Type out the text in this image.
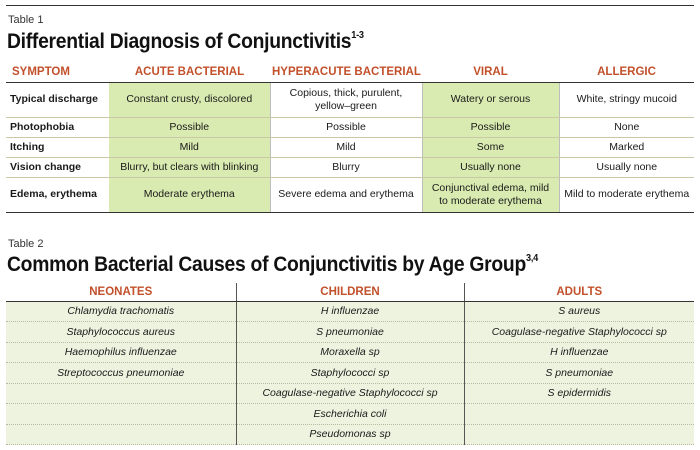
Table 1
Differential Diagnosis of Conjunctivitis$^{1-3}$
SYMPTOM	ACUTE BACTERIAL	HYPERACUTE BACTERIAL	VIRAL	ALLERGIC
Typical discharge	Constant crusty, discolored	Copious, thick, purulent, yellow–green	Watery or serous	White, stringy mucoid
Photophobia	Possible	Possible	Possible	None
Itching	Mild	Mild	Some	Marked
Vision change	Blurry, but clears with blinking	Blurry	Usually none	Usually none
Edema, erythema	Moderate erythema	Severe edema and erythema	Conjunctival edema, mild to moderate erythema	Mild to moderate erythema
Table 2
Common Bacterial Causes of Conjunctivitis by Age Group$^{3,4}$
NEONATES	CHILDREN	ADULTS
Chlamydia trachomatis	H influenzae	S aureus
Staphylococcus aureus	S pneumoniae	Coagulase-negative Staphylococci sp
Haemophilus influenzae	Moraxella sp	H influenzae
Streptococcus pneumoniae	Staphylococci sp	S pneumoniae
	Coagulase-negative Staphylococci sp	S epidermidis
	Escherichia coli	
	Pseudomonas sp	
